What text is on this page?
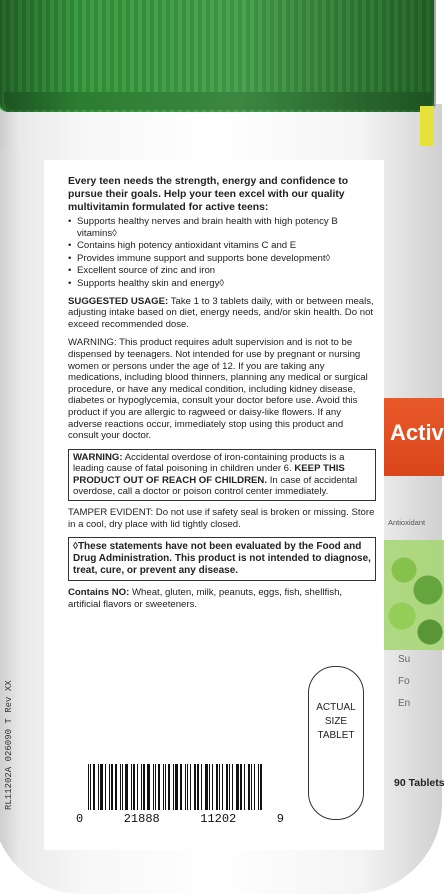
RL11202A 026090 T Rev XX

Every teen needs the strength, energy and confidence to pursue their goals. Help your teen excel with our quality multivitamin formulated for active teens:

• Supports healthy nerves and brain health with high potency B vitamins◊
• Contains high potency antioxidant vitamins C and E
• Provides immune support and supports bone development◊
• Excellent source of zinc and iron
• Supports healthy skin and energy◊

SUGGESTED USAGE: Take 1 to 3 tablets daily, with or between meals, adjusting intake based on diet, energy needs, and/or skin health. Do not exceed recommended dose.

WARNING: This product requires adult supervision and is not to be dispensed by teenagers. Not intended for use by pregnant or nursing women or persons under the age of 12. If you are taking any medications, including blood thinners, planning any medical or surgical procedure, or have any medical condition, including kidney disease, diabetes or hypoglycemia, consult your doctor before use. Avoid this product if you are allergic to ragweed or daisy-like flowers. If any adverse reactions occur, immediately stop using this product and consult your doctor.

WARNING: Accidental overdose of iron-containing products is a leading cause of fatal poisoning in children under 6. KEEP THIS PRODUCT OUT OF REACH OF CHILDREN. In case of accidental overdose, call a doctor or poison control center immediately.

TAMPER EVIDENT: Do not use if safety seal is broken or missing. Store in a cool, dry place with lid tightly closed.

◊These statements have not been evaluated by the Food and Drug Administration. This product is not intended to diagnose, treat, cure, or prevent any disease.

Contains NO: Wheat, gluten, milk, peanuts, eggs, fish, shellfish, artificial flavors or sweeteners.

ACTUAL
SIZE
TABLET
0	21888	11202	9
Activ
Antioxidant
Su
Fo
En
90 Tablets
